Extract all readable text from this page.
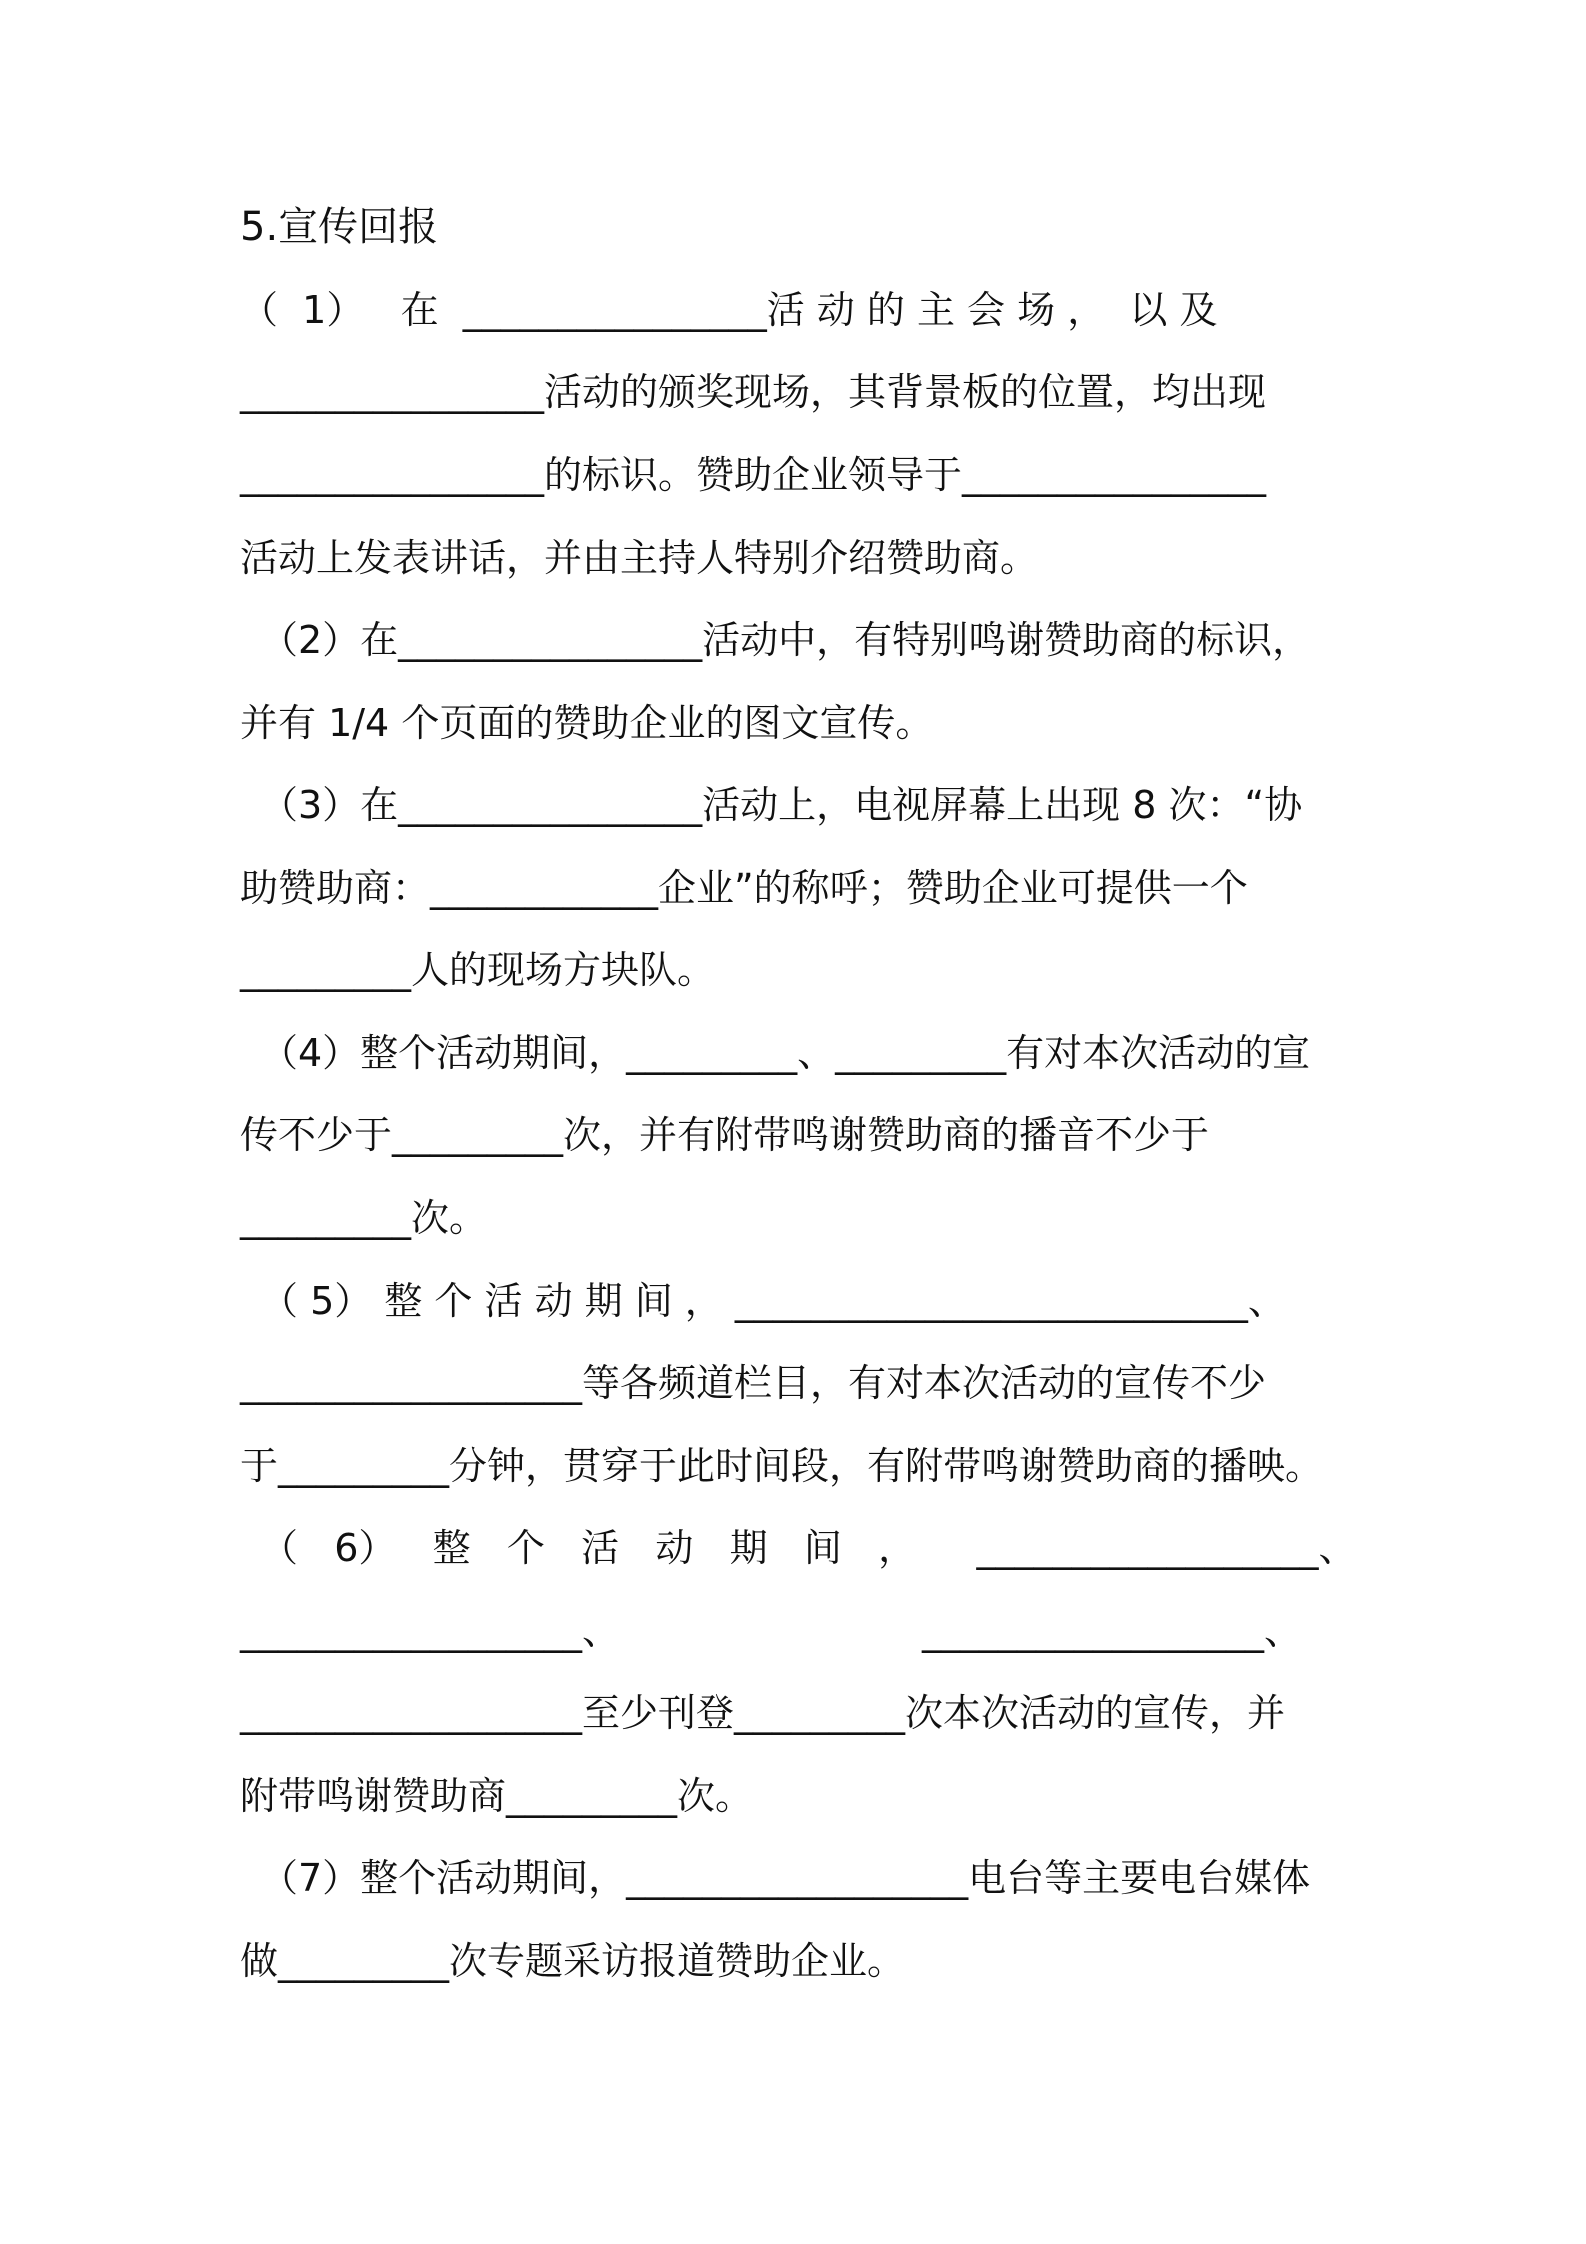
5.宣传回报

（  1）   在  ________________活 动 的 主 会 场 ，  以 及

________________活动的颁奖现场，其背景板的位置，均出现

________________的标识。赞助企业领导于________________

活动上发表讲话，并由主持人特别介绍赞助商。

（2）在________________活动中，有特别鸣谢赞助商的标识，

并有 1/4 个页面的赞助企业的图文宣传。

（3）在________________活动上，电视屏幕上出现 8 次：“协

助赞助商：____________企业”的称呼；赞助企业可提供一个

_________人的现场方块队。

（4）整个活动期间，_________、_________有对本次活动的宣

传不少于_________次，并有附带鸣谢赞助商的播音不少于

_________次。

（ 5） 整 个 活 动 期 间 ， ___________________________、

__________________等各频道栏目，有对本次活动的宣传不少

于_________分钟，贯穿于此时间段，有附带鸣谢赞助商的播映。

（   6）   整   个   活   动   期   间   ，     __________________、

__________________、                         __________________、

__________________至少刊登_________次本次活动的宣传，并

附带鸣谢赞助商_________次。

（7）整个活动期间，__________________电台等主要电台媒体

做_________次专题采访报道赞助企业。
